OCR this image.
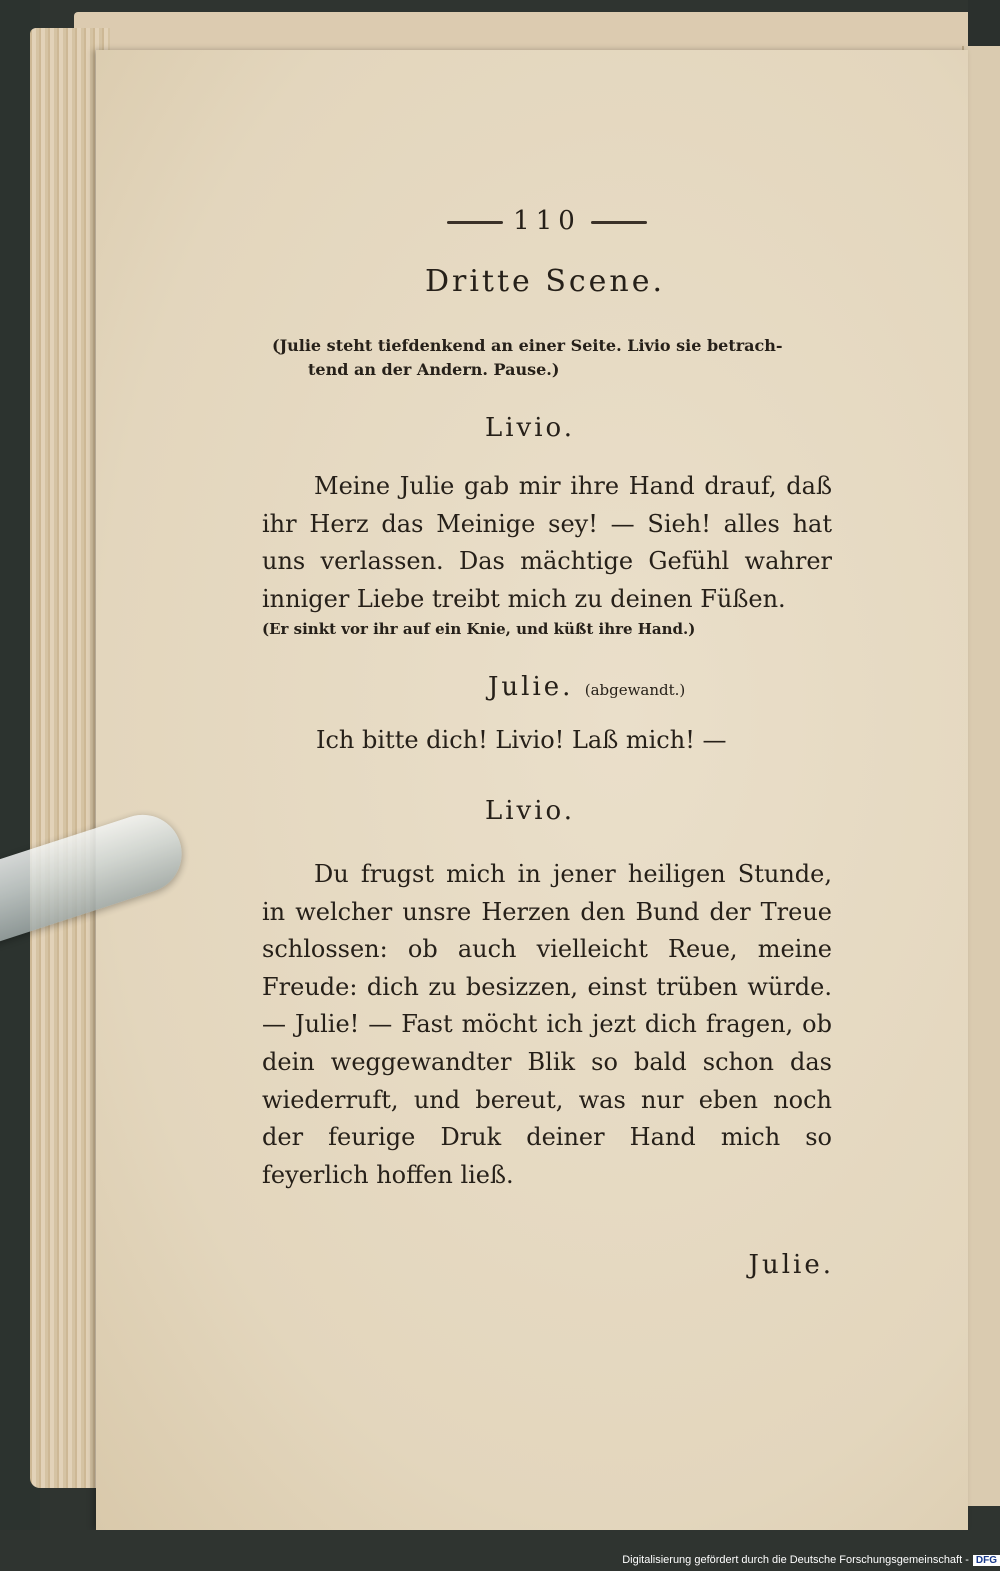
110
Dritte Scene.
(Julie steht tiefdenkend an einer Seite. Livio sie betrach-
tend an der Andern. Pause.)
Livio.
Meine Julie gab mir ihre Hand drauf, daß ihr Herz das Meinige sey! — Sieh! alles hat uns verlassen. Das mächtige Gefühl wahrer inniger Liebe treibt mich zu deinen Füßen.
(Er sinkt vor ihr auf ein Knie, und küßt ihre Hand.)
Julie. (abgewandt.)
Ich bitte dich! Livio! Laß mich! —
Livio.
Du frugst mich in jener heiligen Stunde, in welcher unsre Herzen den Bund der Treue schlossen: ob auch vielleicht Reue, meine Freude: dich zu besizzen, einst trüben würde. — Julie! — Fast möcht ich jezt dich fragen, ob dein weggewandter Blik so bald schon das wiederruft, und bereut, was nur eben noch der feurige Druk deiner Hand mich so feyerlich hoffen ließ.
Julie.
Digitalisierung gefördert durch die Deutsche Forschungsgemeinschaft - DFG
